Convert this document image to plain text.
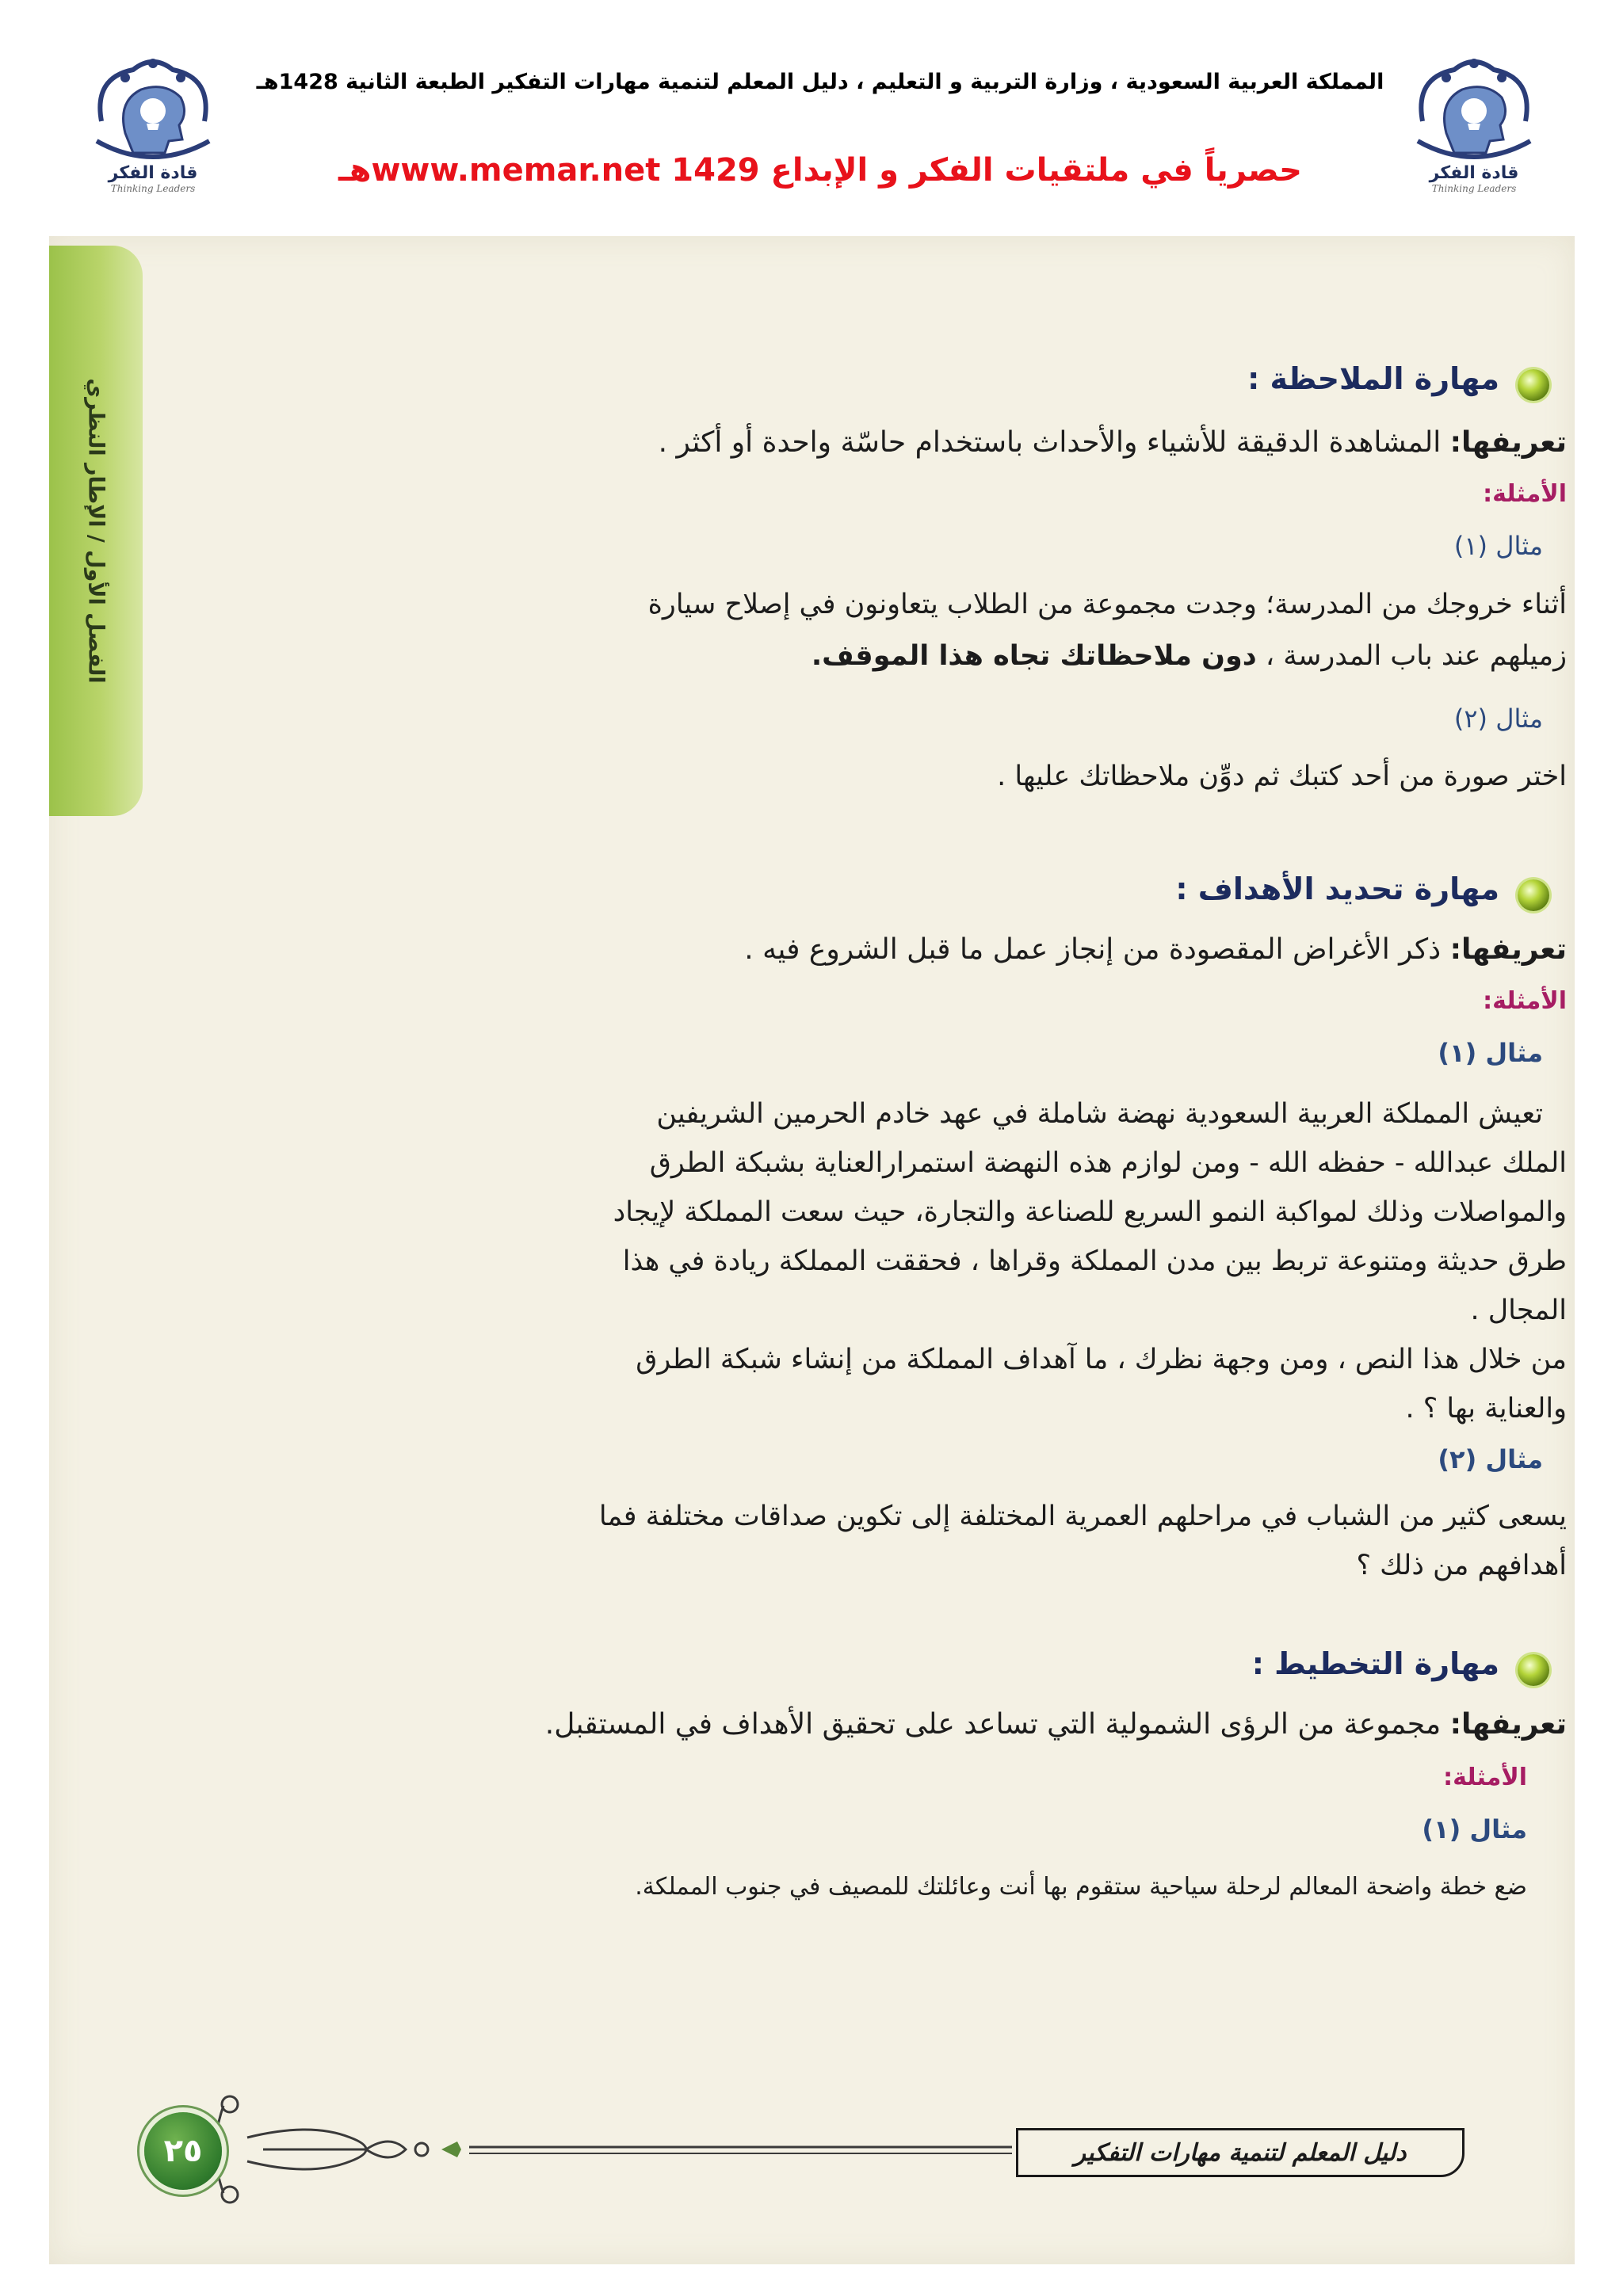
قادة الفكر
Thinking Leaders
المملكة العربية السعودية ، وزارة التربية و التعليم ، دليل المعلم لتنمية مهارات التفكير الطبعة الثانية 1428هـ
حصرياً في ملتقيات الفكر و الإبداع www.memar.net 1429هـ	قادة الفكر
Thinking Leaders
الفصل الأول / الإطار النظري	مهارة الملاحظة :
تعريفها: المشاهدة الدقيقة للأشياء والأحداث باستخدام حاسّة واحدة أو أكثر .
الأمثلة:
مثال (١)
أثناء خروجك من المدرسة؛ وجدت مجموعة من الطلاب يتعاونون في إصلاح سيارة
زميلهم عند باب المدرسة ، دون ملاحظاتك تجاه هذا الموقف.
مثال (٢)
اختر صورة من أحد كتبك ثم دوِّن ملاحظاتك عليها .
مهارة تحديد الأهداف :
تعريفها: ذكر الأغراض المقصودة من إنجاز عمل ما قبل الشروع فيه .
الأمثلة:
مثال (١)
تعيش المملكة العربية السعودية نهضة شاملة في عهد خادم الحرمين الشريفين
الملك عبدالله - حفظه الله - ومن لوازم هذه النهضة استمرارالعناية بشبكة الطرق
والمواصلات وذلك لمواكبة النمو السريع للصناعة والتجارة، حيث سعت المملكة لإيجاد
طرق حديثة ومتنوعة تربط بين مدن المملكة وقراها ، فحققت المملكة ريادة في هذا
المجال .
من خلال هذا النص ، ومن وجهة نظرك ، ما آهداف المملكة من إنشاء شبكة الطرق
والعناية بها ؟ .
مثال (٢)
يسعى كثير من الشباب في مراحلهم العمرية المختلفة إلى تكوين صداقات مختلفة فما
أهدافهم من ذلك ؟
مهارة التخطيط :
تعريفها: مجموعة من الرؤى الشمولية التي تساعد على تحقيق الأهداف في المستقبل.
الأمثلة:
مثال (١)
ضع خطة واضحة المعالم لرحلة سياحية ستقوم بها أنت وعائلتك للمصيف في جنوب المملكة.
٢٥	دليل المعلم لتنمية مهارات التفكير
